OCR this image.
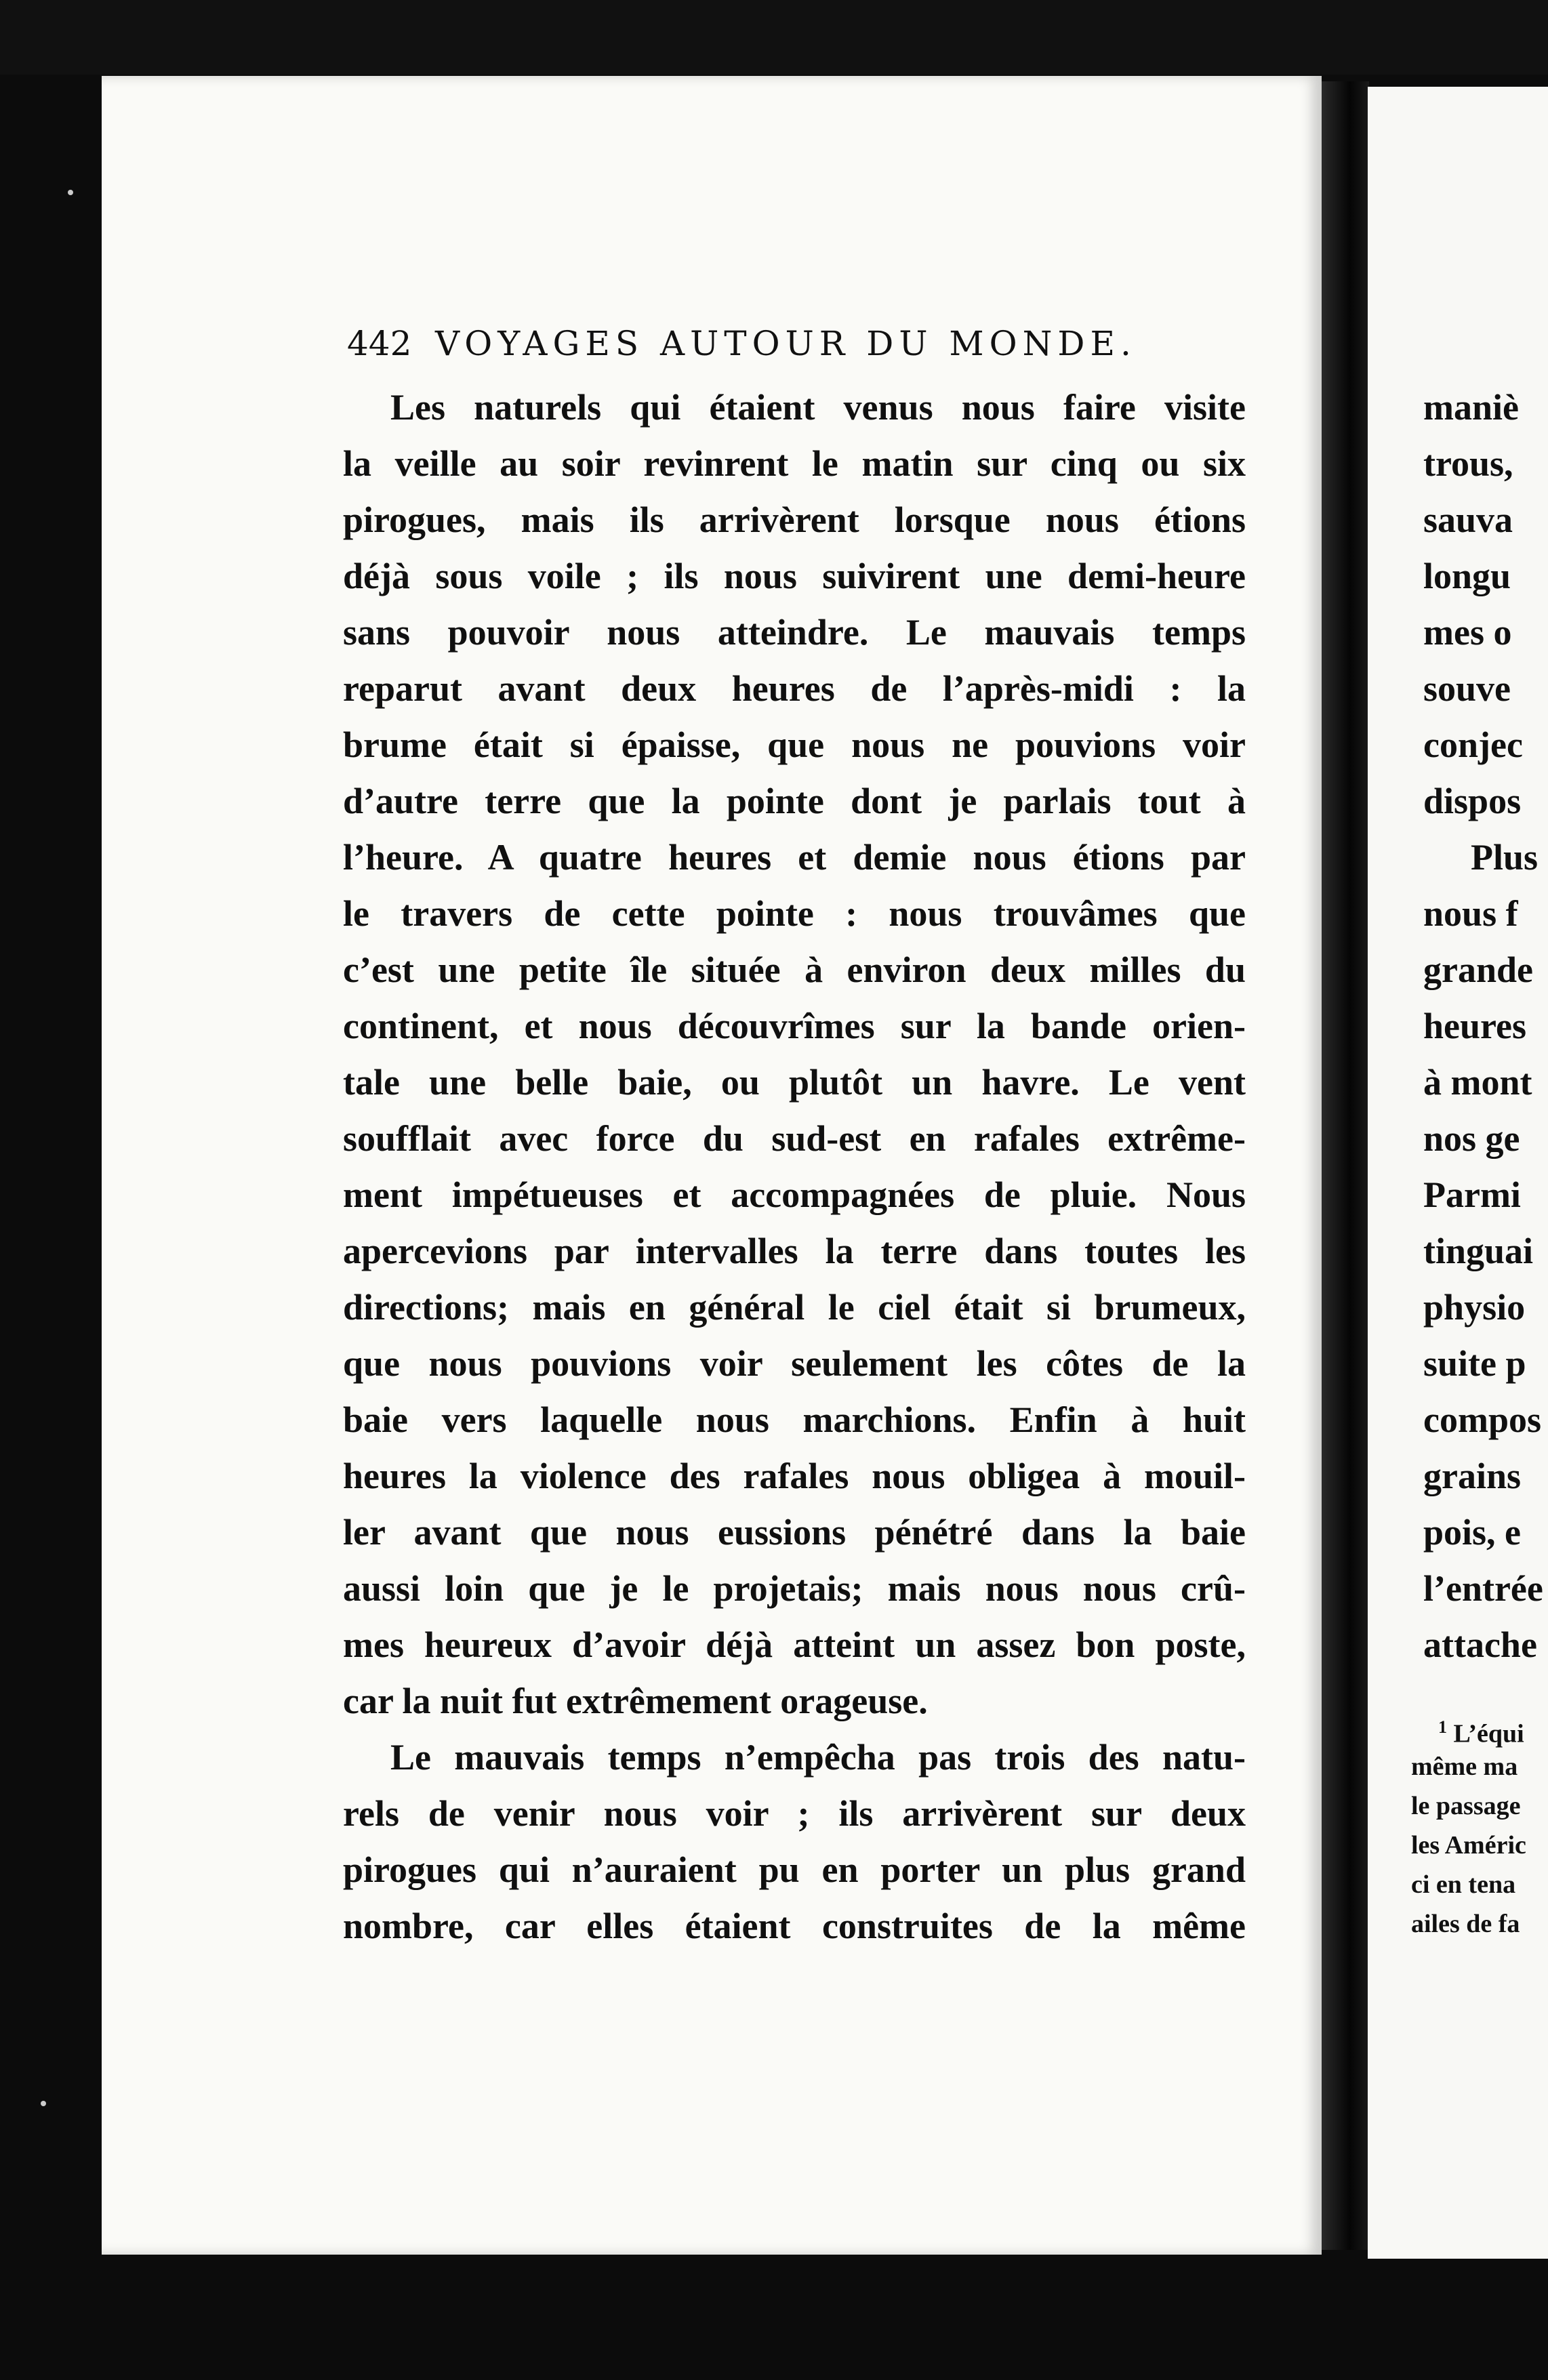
442 VOYAGES AUTOUR DU MONDE.
Les naturels qui étaient venus nous faire visite
la veille au soir revinrent le matin sur cinq ou six
pirogues, mais ils arrivèrent lorsque nous étions
déjà sous voile ; ils nous suivirent une demi-heure
sans pouvoir nous atteindre. Le mauvais temps
reparut avant deux heures de l’après-midi : la
brume était si épaisse, que nous ne pouvions voir
d’autre terre que la pointe dont je parlais tout à
l’heure. A quatre heures et demie nous étions par
le travers de cette pointe : nous trouvâmes que
c’est une petite île située à environ deux milles du
continent, et nous découvrîmes sur la bande orien-
tale une belle baie, ou plutôt un havre. Le vent
soufflait avec force du sud-est en rafales extrême-
ment impétueuses et accompagnées de pluie. Nous
apercevions par intervalles la terre dans toutes les
directions; mais en général le ciel était si brumeux,
que nous pouvions voir seulement les côtes de la
baie vers laquelle nous marchions. Enfin à huit
heures la violence des rafales nous obligea à mouil-
ler avant que nous eussions pénétré dans la baie
aussi loin que je le projetais; mais nous nous crû-
mes heureux d’avoir déjà atteint un assez bon poste,
car la nuit fut extrêmement orageuse.
Le mauvais temps n’empêcha pas trois des natu-
rels de venir nous voir ; ils arrivèrent sur deux
pirogues qui n’auraient pu en porter un plus grand
nombre, car elles étaient construites de la même
maniè
trous,
sauva
longu
mes o
souve
conjec
dispos
Plus
nous f
grande
heures
à mont
nos ge
Parmi
tinguai
physio
suite p
compos
grains
pois, e
l’entrée
attache
$^1$ L’équi
même ma
le passage
les Améric
ci en tena
ailes de fa
